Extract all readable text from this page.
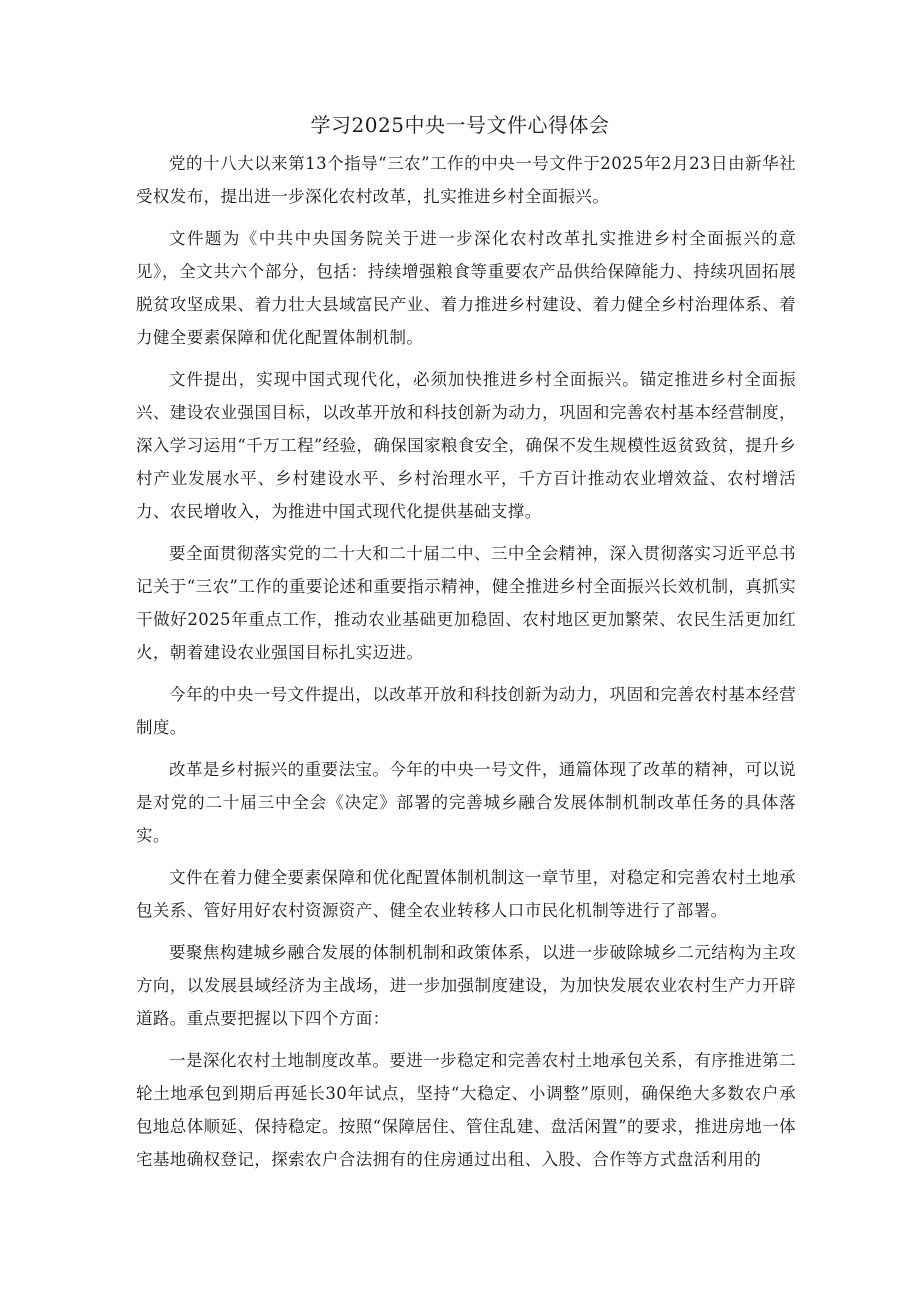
学习2025中央一号文件心得体会

党的十八大以来第13个指导“三农”工作的中央一号文件于2025年2月23日由新华社受权发布，提出进一步深化农村改革，扎实推进乡村全面振兴。

文件题为《中共中央国务院关于进一步深化农村改革扎实推进乡村全面振兴的意见》，全文共六个部分，包括：持续增强粮食等重要农产品供给保障能力、持续巩固拓展脱贫攻坚成果、着力壮大县域富民产业、着力推进乡村建设、着力健全乡村治理体系、着力健全要素保障和优化配置体制机制。

文件提出，实现中国式现代化，必须加快推进乡村全面振兴。锚定推进乡村全面振兴、建设农业强国目标，以改革开放和科技创新为动力，巩固和完善农村基本经营制度，深入学习运用“千万工程”经验，确保国家粮食安全，确保不发生规模性返贫致贫，提升乡村产业发展水平、乡村建设水平、乡村治理水平，千方百计推动农业增效益、农村增活力、农民增收入，为推进中国式现代化提供基础支撑。

要全面贯彻落实党的二十大和二十届二中、三中全会精神，深入贯彻落实习近平总书记关于“三农”工作的重要论述和重要指示精神，健全推进乡村全面振兴长效机制，真抓实干做好2025年重点工作，推动农业基础更加稳固、农村地区更加繁荣、农民生活更加红火，朝着建设农业强国目标扎实迈进。

今年的中央一号文件提出，以改革开放和科技创新为动力，巩固和完善农村基本经营制度。

改革是乡村振兴的重要法宝。今年的中央一号文件，通篇体现了改革的精神，可以说是对党的二十届三中全会《决定》部署的完善城乡融合发展体制机制改革任务的具体落实。

文件在着力健全要素保障和优化配置体制机制这一章节里，对稳定和完善农村土地承包关系、管好用好农村资源资产、健全农业转移人口市民化机制等进行了部署。

要聚焦构建城乡融合发展的体制机制和政策体系，以进一步破除城乡二元结构为主攻方向，以发展县域经济为主战场，进一步加强制度建设，为加快发展农业农村生产力开辟道路。重点要把握以下四个方面：

一是深化农村土地制度改革。要进一步稳定和完善农村土地承包关系，有序推进第二轮土地承包到期后再延长30年试点，坚持“大稳定、小调整”原则，确保绝大多数农户承包地总体顺延、保持稳定。按照“保障居住、管住乱建、盘活闲置”的要求，推进房地一体宅基地确权登记，探索农户合法拥有的住房通过出租、入股、合作等方式盘活利用的
